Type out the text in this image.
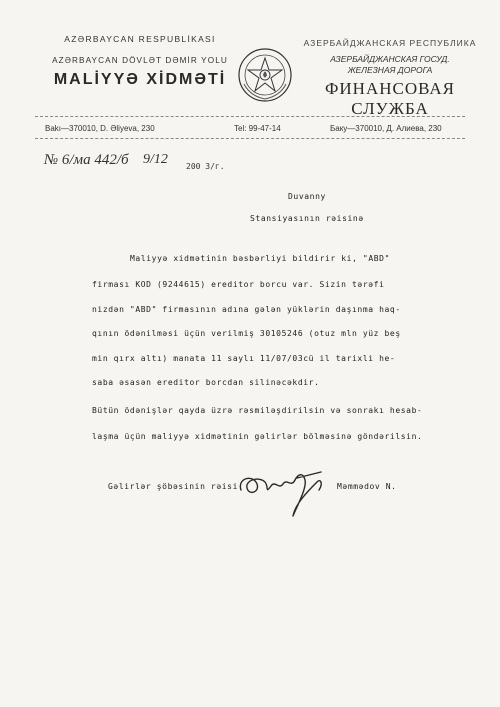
AZƏRBAYCAN RESPUBLİKASI
AZƏRBAYCAN DÖVLƏT DƏMİR YOLU
MALİYYƏ XİDMƏTİ
АЗЕРБАЙДЖАНСКАЯ РЕСПУБЛИКА
АЗЕРБАЙДЖАНСКАЯ ГОСУД.
ЖЕЛЕЗНАЯ ДОРОГА
ФИНАНСОВАЯ
СЛУЖБА
Bakı—370010, D. Əliyeva, 230	Tel: 99-47-14	Баку—370010, Д. Алиева, 230
№ 6/ма 442/б 9/12 200 3/г.
Duvanny
Stansiyasının rəisinə
Maliyyə xidmətinin bəsbərliyi bildirir ki, "ABD"
firması KOD (9244615) ereditor borcu var. Sizin tərəfi
nizdən "ABD" firmasının adına gələn yüklərin daşınma haq-
qının ödənilməsi üçün verilmiş 30105246 (otuz mln yüz beş
min qırx altı) manata 11 saylı 11/07/03cü il tarixli he-
saba əsasən ereditor borcdan silinəcəkdir.
Bütün ödənişlər qayda üzrə rəsmiləşdirilsin və sonrakı hesab-
laşma üçün maliyyə xidmətinin gəlirlər bölməsinə göndərilsin.
Gəlirlər şöbəsinin rəisi	Məmmədov N.
